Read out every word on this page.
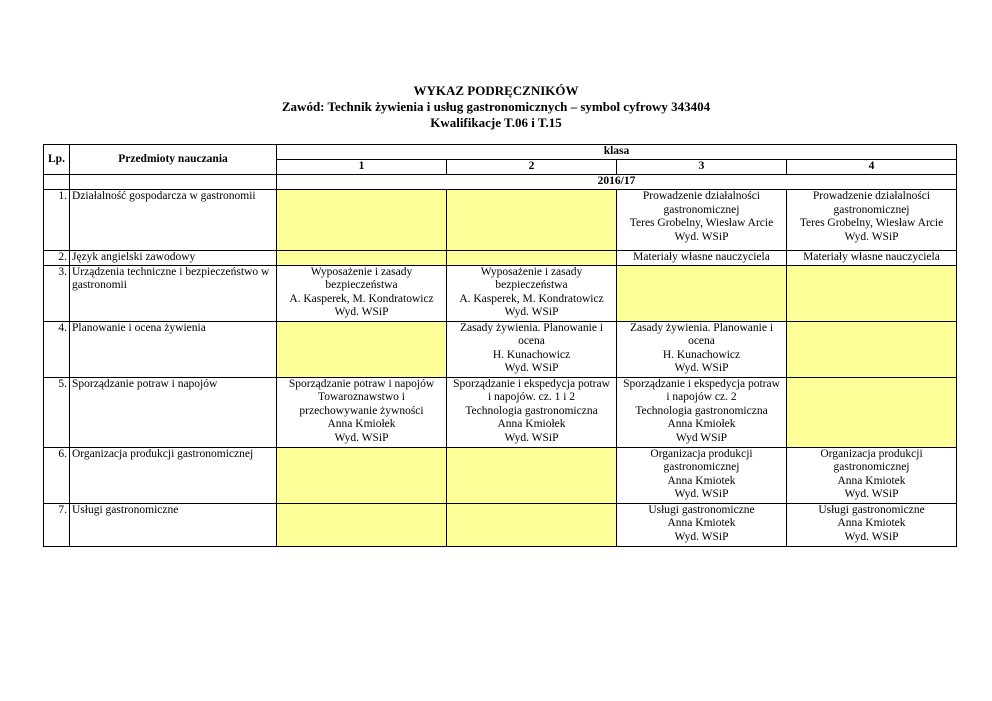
WYKAZ PODRĘCZNIKÓW
Zawód: Technik żywienia i usług gastronomicznych – symbol cyfrowy 343404
Kwalifikacje T.06 i T.15
Lp.	Przedmioty nauczania	klasa			
		1	2	3	4
		2016/17			
1.	Działalność gospodarcza w gastronomii			Prowadzenie działalności
gastronomicznej
Teres Grobelny, Wiesław Arcie
Wyd. WSiP	Prowadzenie działalności
gastronomicznej
Teres Grobelny, Wiesław Arcie
Wyd. WSiP

2.	Język angielski zawodowy			Materiały własne nauczyciela	Materiały własne nauczyciela

3.	Urządzenia techniczne i bezpieczeństwo w gastronomii	Wyposażenie i zasady
bezpieczeństwa
A. Kasperek, M. Kondratowicz
Wyd. WSiP	Wyposażenie i zasady
bezpieczeństwa
A. Kasperek, M. Kondratowicz
Wyd. WSiP		

4.	Planowanie i ocena żywienia		Zasady żywienia. Planowanie i
ocena
H. Kunachowicz
Wyd. WSiP	Zasady żywienia. Planowanie i
ocena
H. Kunachowicz
Wyd. WSiP	

5.	Sporządzanie potraw i napojów	Sporządzanie potraw i napojów
Towaroznawstwo i
przechowywanie żywności
Anna Kmiołek
Wyd. WSiP	Sporządzanie i ekspedycja potraw
i napojów. cz. 1 i 2
Technologia gastronomiczna
Anna Kmiołek
Wyd. WSiP	Sporządzanie i ekspedycja potraw
i napojów cz. 2
Technologia gastronomiczna
Anna Kmiołek
Wyd WSiP	

6.	Organizacja produkcji gastronomicznej			Organizacja produkcji
gastronomicznej
Anna Kmiotek
Wyd. WSiP	Organizacja produkcji
gastronomicznej
Anna Kmiotek
Wyd. WSiP

7.	Usługi gastronomiczne			Usługi gastronomiczne
Anna Kmiotek
Wyd. WSiP	Usługi gastronomiczne
Anna Kmiotek
Wyd. WSiP
